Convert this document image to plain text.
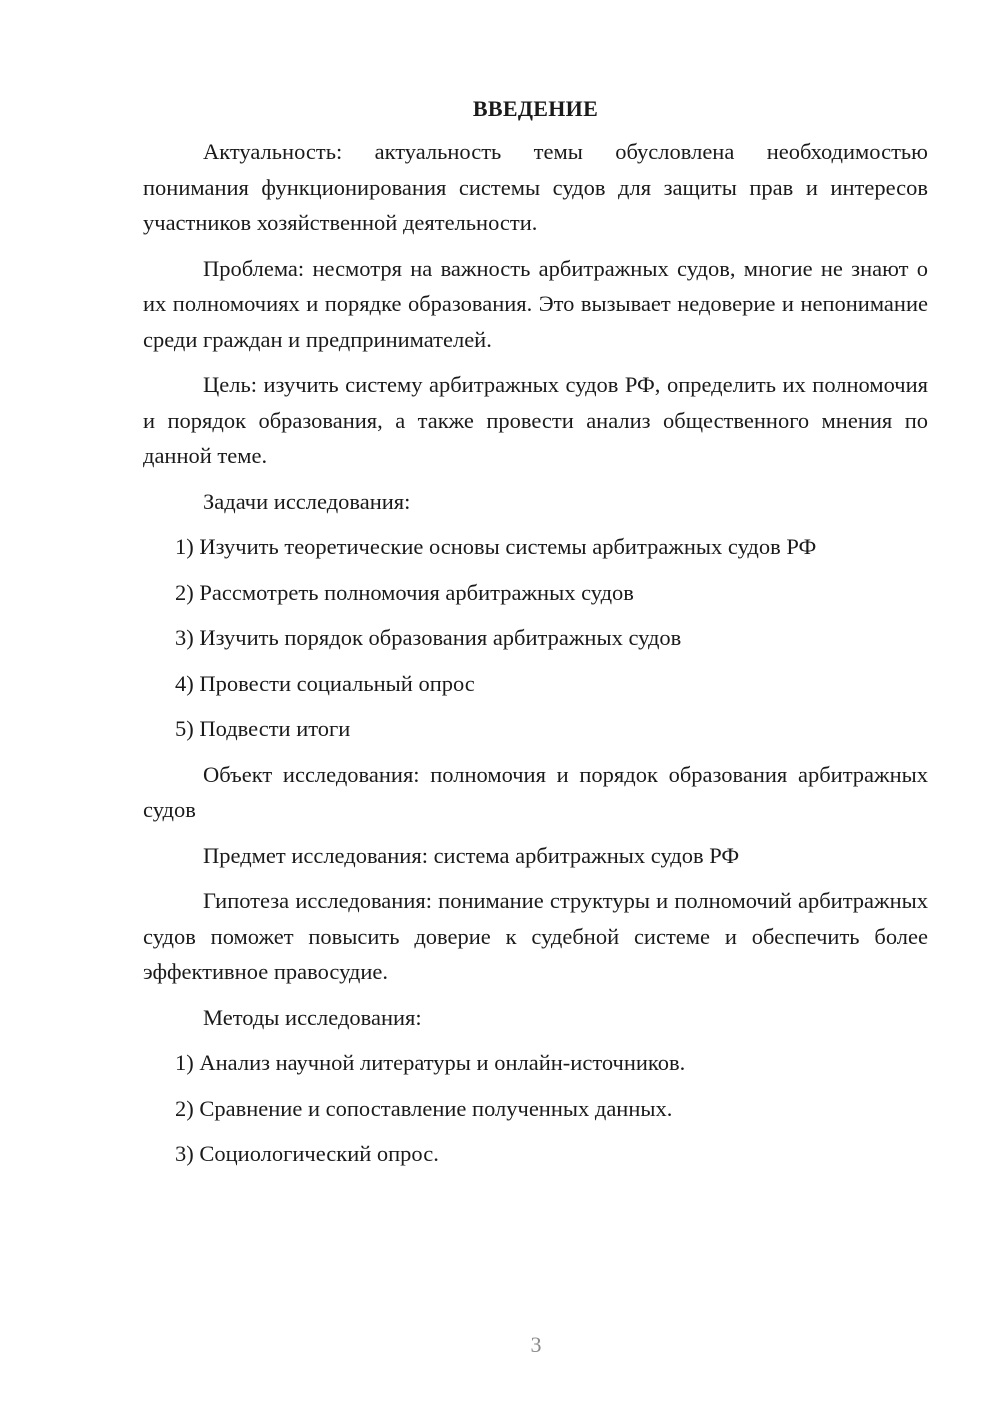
ВВЕДЕНИЕ

Актуальность: актуальность темы обусловлена необходимостью понимания функционирования системы судов для защиты прав и интересов участников хозяйственной деятельности.

Проблема: несмотря на важность арбитражных судов, многие не знают о их полномочиях и порядке образования. Это вызывает недоверие и непонимание среди граждан и предпринимателей.

Цель: изучить систему арбитражных судов РФ, определить их полномочия и порядок образования, а также провести анализ общественного мнения по данной теме.

Задачи исследования:

1) Изучить теоретические основы системы арбитражных судов РФ

2) Рассмотреть полномочия арбитражных судов

3) Изучить порядок образования арбитражных судов

4) Провести социальный опрос

5) Подвести итоги

Объект исследования: полномочия и порядок образования арбитражных судов

Предмет исследования: система арбитражных судов РФ

Гипотеза исследования: понимание структуры и полномочий арбитражных судов поможет повысить доверие к судебной системе и обеспечить более эффективное правосудие.

Методы исследования:

1) Анализ научной литературы и онлайн-источников.

2) Сравнение и сопоставление полученных данных.

3) Социологический опрос.

3
